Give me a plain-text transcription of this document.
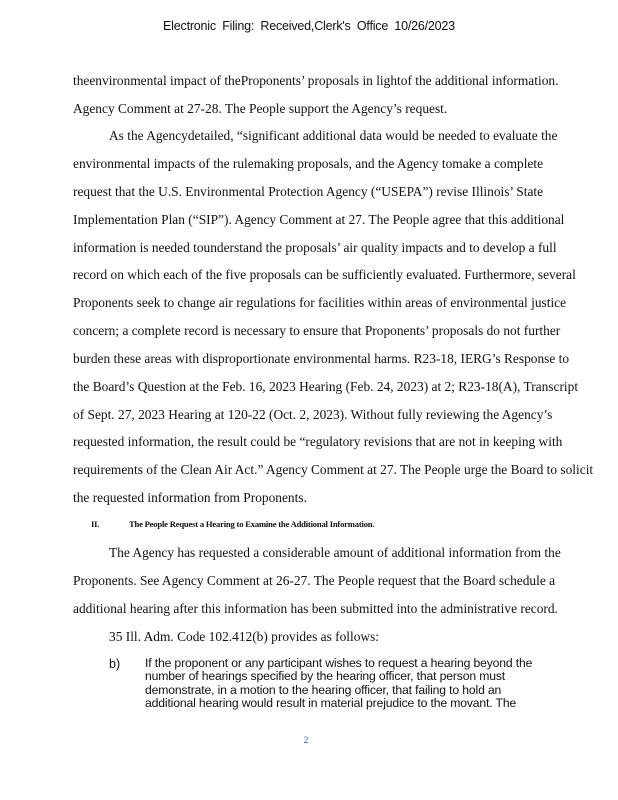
Electronic Filing: Received,Clerk's Office 10/26/2023
theenvironmental impact of theProponents’ proposals in lightof the additional information.
Agency Comment at 27-28. The People support the Agency’s request.
As the Agencydetailed, “significant additional data would be needed to evaluate the
environmental impacts of the rulemaking proposals, and the Agency tomake a complete
request that the U.S. Environmental Protection Agency (“USEPA”) revise Illinois’ State
Implementation Plan (“SIP”). Agency Comment at 27. The People agree that this additional
information is needed tounderstand the proposals’ air quality impacts and to develop a full
record on which each of the five proposals can be sufficiently evaluated. Furthermore, several
Proponents seek to change air regulations for facilities within areas of environmental justice
concern; a complete record is necessary to ensure that Proponents’ proposals do not further
burden these areas with disproportionate environmental harms. R23-18, IERG’s Response to
the Board’s Question at the Feb. 16, 2023 Hearing (Feb. 24, 2023) at 2; R23-18(A), Transcript
of Sept. 27, 2023 Hearing at 120-22 (Oct. 2, 2023). Without fully reviewing the Agency’s
requested information, the result could be “regulatory revisions that are not in keeping with
requirements of the Clean Air Act.” Agency Comment at 27. The People urge the Board to solicit
the requested information from Proponents.
II.	The People Request a Hearing to Examine the Additional Information.
The Agency has requested a considerable amount of additional information from the
Proponents. See Agency Comment at 26-27. The People request that the Board schedule a
additional hearing after this information has been submitted into the administrative record.
35 Ill. Adm. Code 102.412(b) provides as follows:
b) If the proponent or any participant wishes to request a hearing beyond the
number of hearings specified by the hearing officer, that person must
demonstrate, in a motion to the hearing officer, that failing to hold an
additional hearing would result in material prejudice to the movant. The
2
